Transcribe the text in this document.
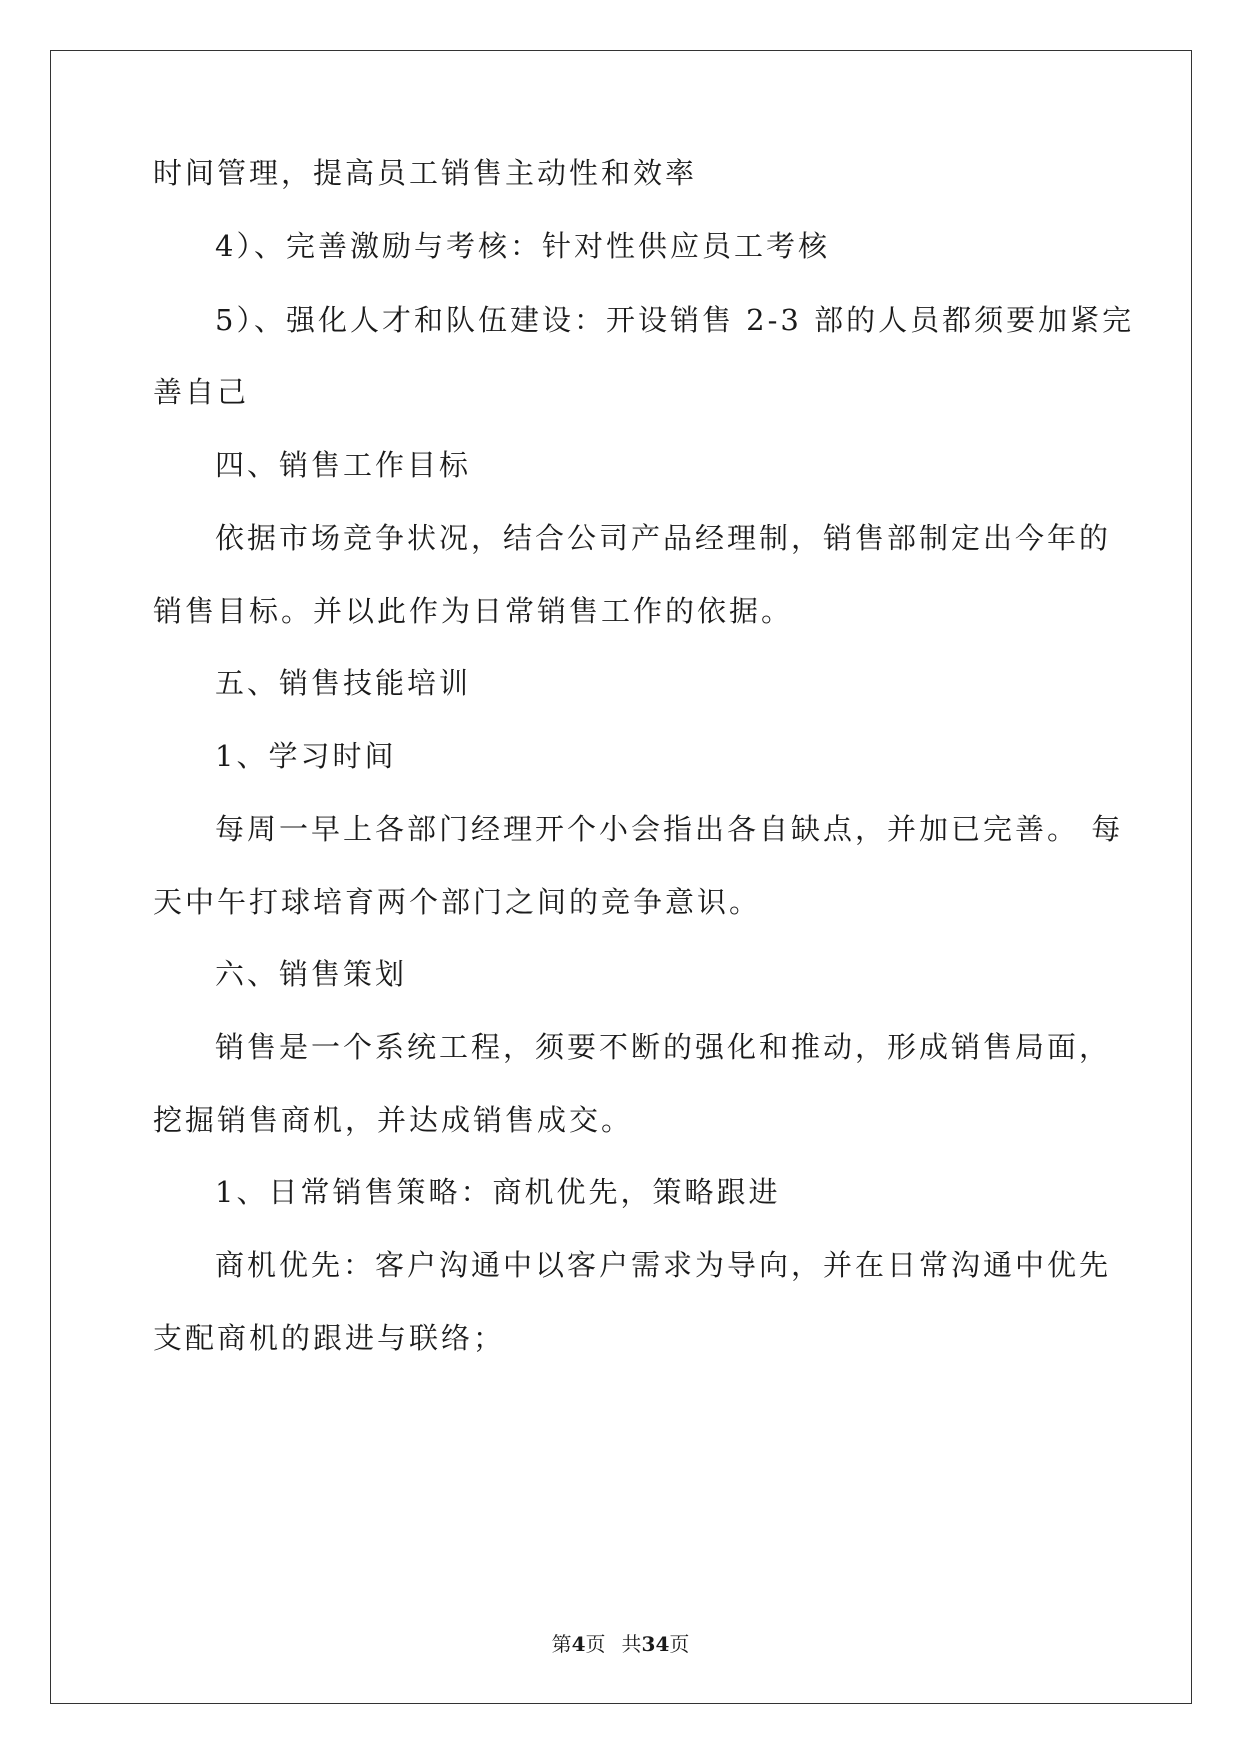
时间管理，提高员工销售主动性和效率
4）、完善激励与考核：针对性供应员工考核
5）、强化人才和队伍建设：开设销售 2-3 部的人员都须要加紧完
善自己
四、销售工作目标
依据市场竞争状况，结合公司产品经理制，销售部制定出今年的
销售目标。并以此作为日常销售工作的依据。
五、销售技能培训
1、学习时间
每周一早上各部门经理开个小会指出各自缺点，并加已完善。 每
天中午打球培育两个部门之间的竞争意识。
六、销售策划
销售是一个系统工程，须要不断的强化和推动，形成销售局面，
挖掘销售商机，并达成销售成交。
1、日常销售策略：商机优先，策略跟进
商机优先：客户沟通中以客户需求为导向，并在日常沟通中优先
支配商机的跟进与联络；
第4页 共34页
